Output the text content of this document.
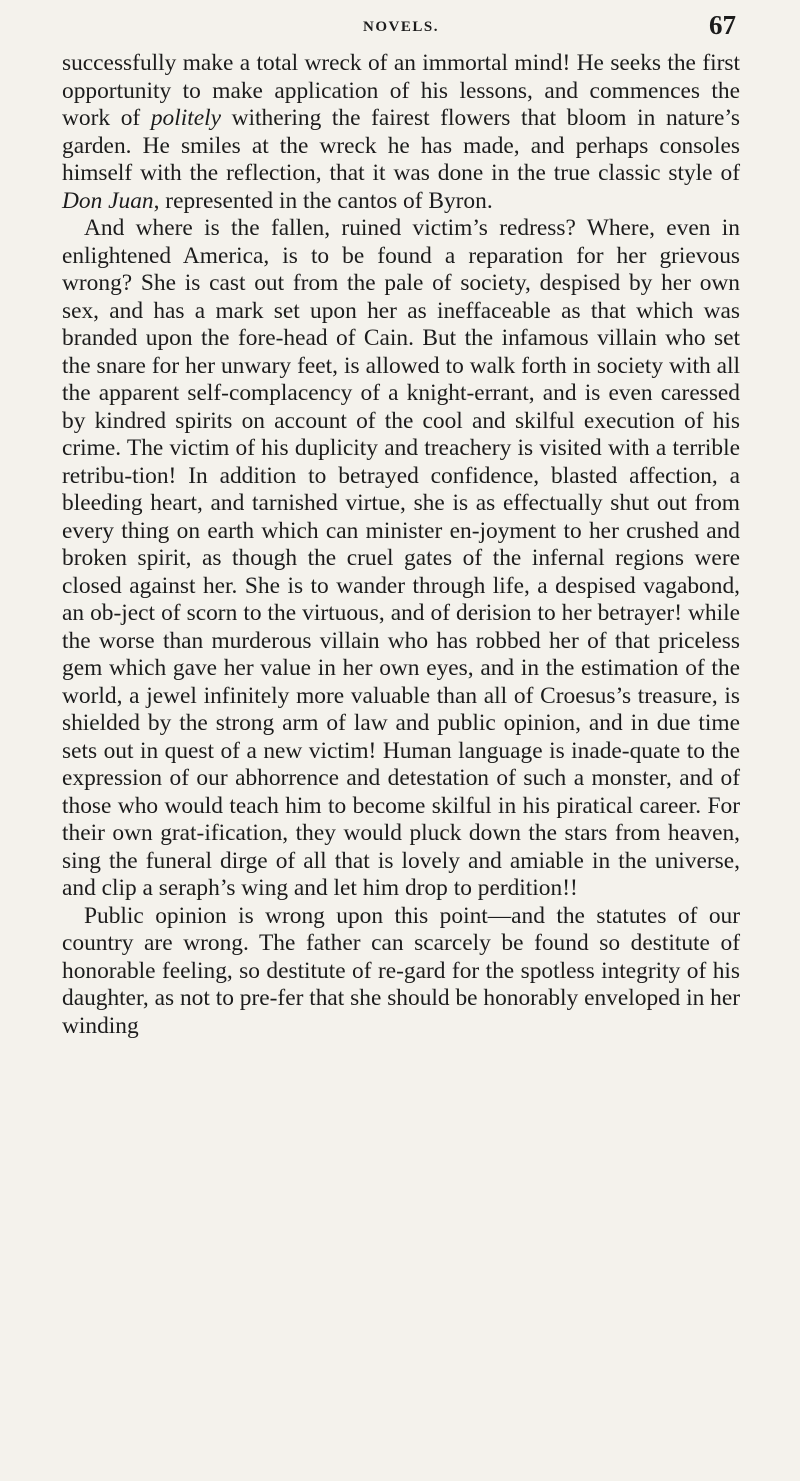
NOVELS.	67

successfully make a total wreck of an immortal mind! He seeks the first opportunity to make application of his lessons, and commences the work of politely withering the fairest flowers that bloom in nature’s garden. He smiles at the wreck he has made, and perhaps consoles himself with the reflection, that it was done in the true classic style of Don Juan, represented in the cantos of Byron.

And where is the fallen, ruined victim’s redress? Where, even in enlightened America, is to be found a reparation for her grievous wrong? She is cast out from the pale of society, despised by her own sex, and has a mark set upon her as ineffaceable as that which was branded upon the fore-head of Cain. But the infamous villain who set the snare for her unwary feet, is allowed to walk forth in society with all the apparent self-complacency of a knight-errant, and is even caressed by kindred spirits on account of the cool and skilful execution of his crime. The victim of his duplicity and treachery is visited with a terrible retribu-tion! In addition to betrayed confidence, blasted affection, a bleeding heart, and tarnished virtue, she is as effectually shut out from every thing on earth which can minister en-joyment to her crushed and broken spirit, as though the cruel gates of the infernal regions were closed against her. She is to wander through life, a despised vagabond, an ob-ject of scorn to the virtuous, and of derision to her betrayer! while the worse than murderous villain who has robbed her of that priceless gem which gave her value in her own eyes, and in the estimation of the world, a jewel infinitely more valuable than all of Croesus’s treasure, is shielded by the strong arm of law and public opinion, and in due time sets out in quest of a new victim! Human language is inade-quate to the expression of our abhorrence and detestation of such a monster, and of those who would teach him to become skilful in his piratical career. For their own grat-ification, they would pluck down the stars from heaven, sing the funeral dirge of all that is lovely and amiable in the universe, and clip a seraph’s wing and let him drop to perdition!!

Public opinion is wrong upon this point—and the statutes of our country are wrong. The father can scarcely be found so destitute of honorable feeling, so destitute of re-gard for the spotless integrity of his daughter, as not to pre-fer that she should be honorably enveloped in her winding
